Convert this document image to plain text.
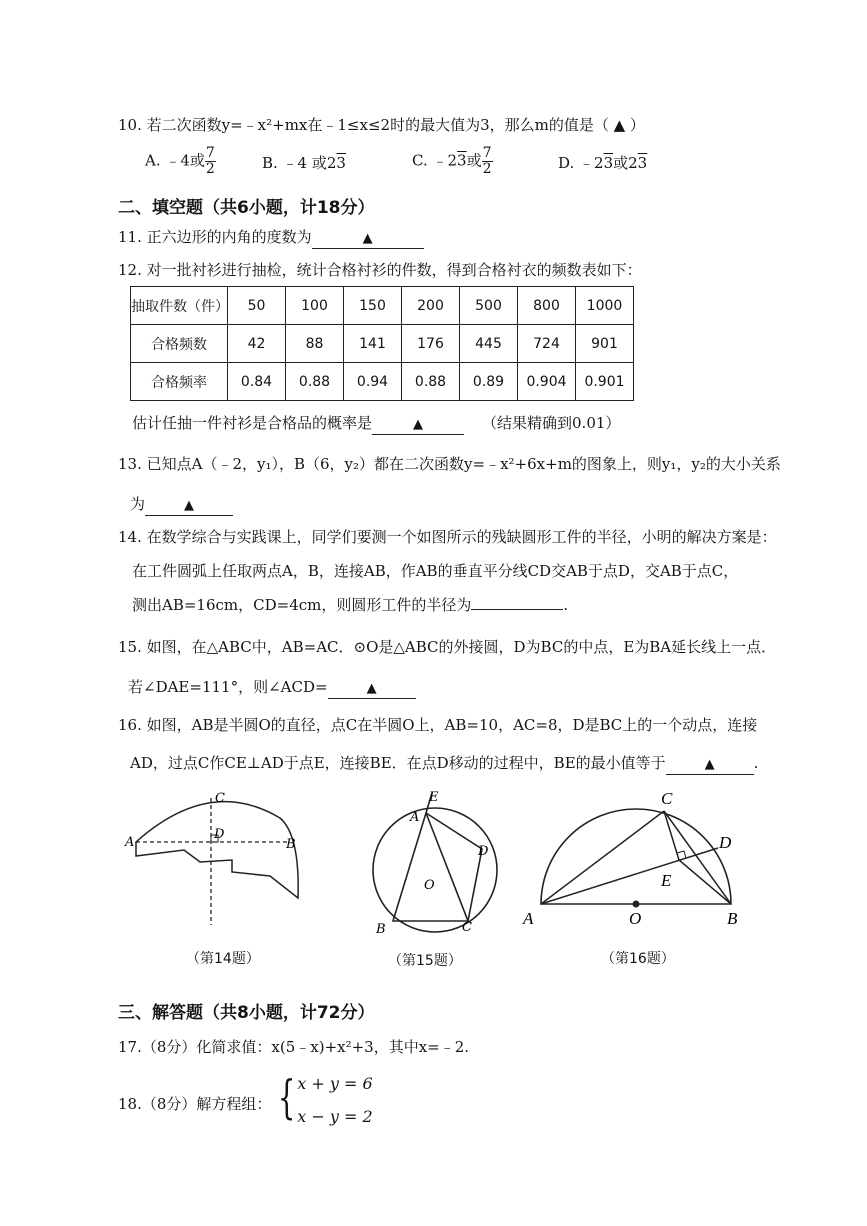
10. 若二次函数y=﹣x²+mx在﹣1≤x≤2时的最大值为3，那么m的值是（ ▲ ）
A. ﹣4或 $\frac{7}{2}$	B. ﹣4 或23	C. ﹣23或 $\frac{7}{2}$	D. ﹣23或23
二、填空题（共6小题，计18分）
11. 正六边形的内角的度数为	▲
12. 对一批衬衫进行抽检，统计合格衬衫的件数，得到合格衬衣的频数表如下：
抽取件数（件）	50	100	150	200	500	800	1000
合格频数	42	88	141	176	445	724	901
合格频率	0.84	0.88	0.94	0.88	0.89	0.904	0.901
估计任抽一件衬衫是合格品的概率是	▲	（结果精确到0.01）
13. 已知点A（﹣2，y₁），B（6，y₂）都在二次函数y=﹣x²+6x+m的图象上，则y₁，y₂的大小关系
为	▲
14. 在数学综合与实践课上，同学们要测一个如图所示的残缺圆形工件的半径，小明的解决方案是：
在工件圆弧上任取两点A，B，连接AB，作AB的垂直平分线CD交AB于点D，交AB于点C，
测出AB=16cm，CD=4cm，则圆形工件的半径为	.
15. 如图，在△ABC中，AB=AC．⊙O是△ABC的外接圆，D为BC的中点，E为BA延长线上一点．
若∠DAE=111°，则∠ACD=	▲
16. 如图，AB是半圆O的直径，点C在半圆O上，AB=10，AC=8，D是BC上的一个动点，连接
AD，过点C作CE⊥AD于点E，连接BE．在点D移动的过程中，BE的最小值等于	▲	.
C
D
A	B
（第14题）
E
A
D
O
B	C
（第15题）
C
D
E
A	O	B
（第16题）
三、解答题（共8小题，计72分）
17.（8分）化简求值：x(5﹣x)+x²+3，其中x=﹣2.
18.（8分）解方程组： { x + y = 6
x − y = 2
